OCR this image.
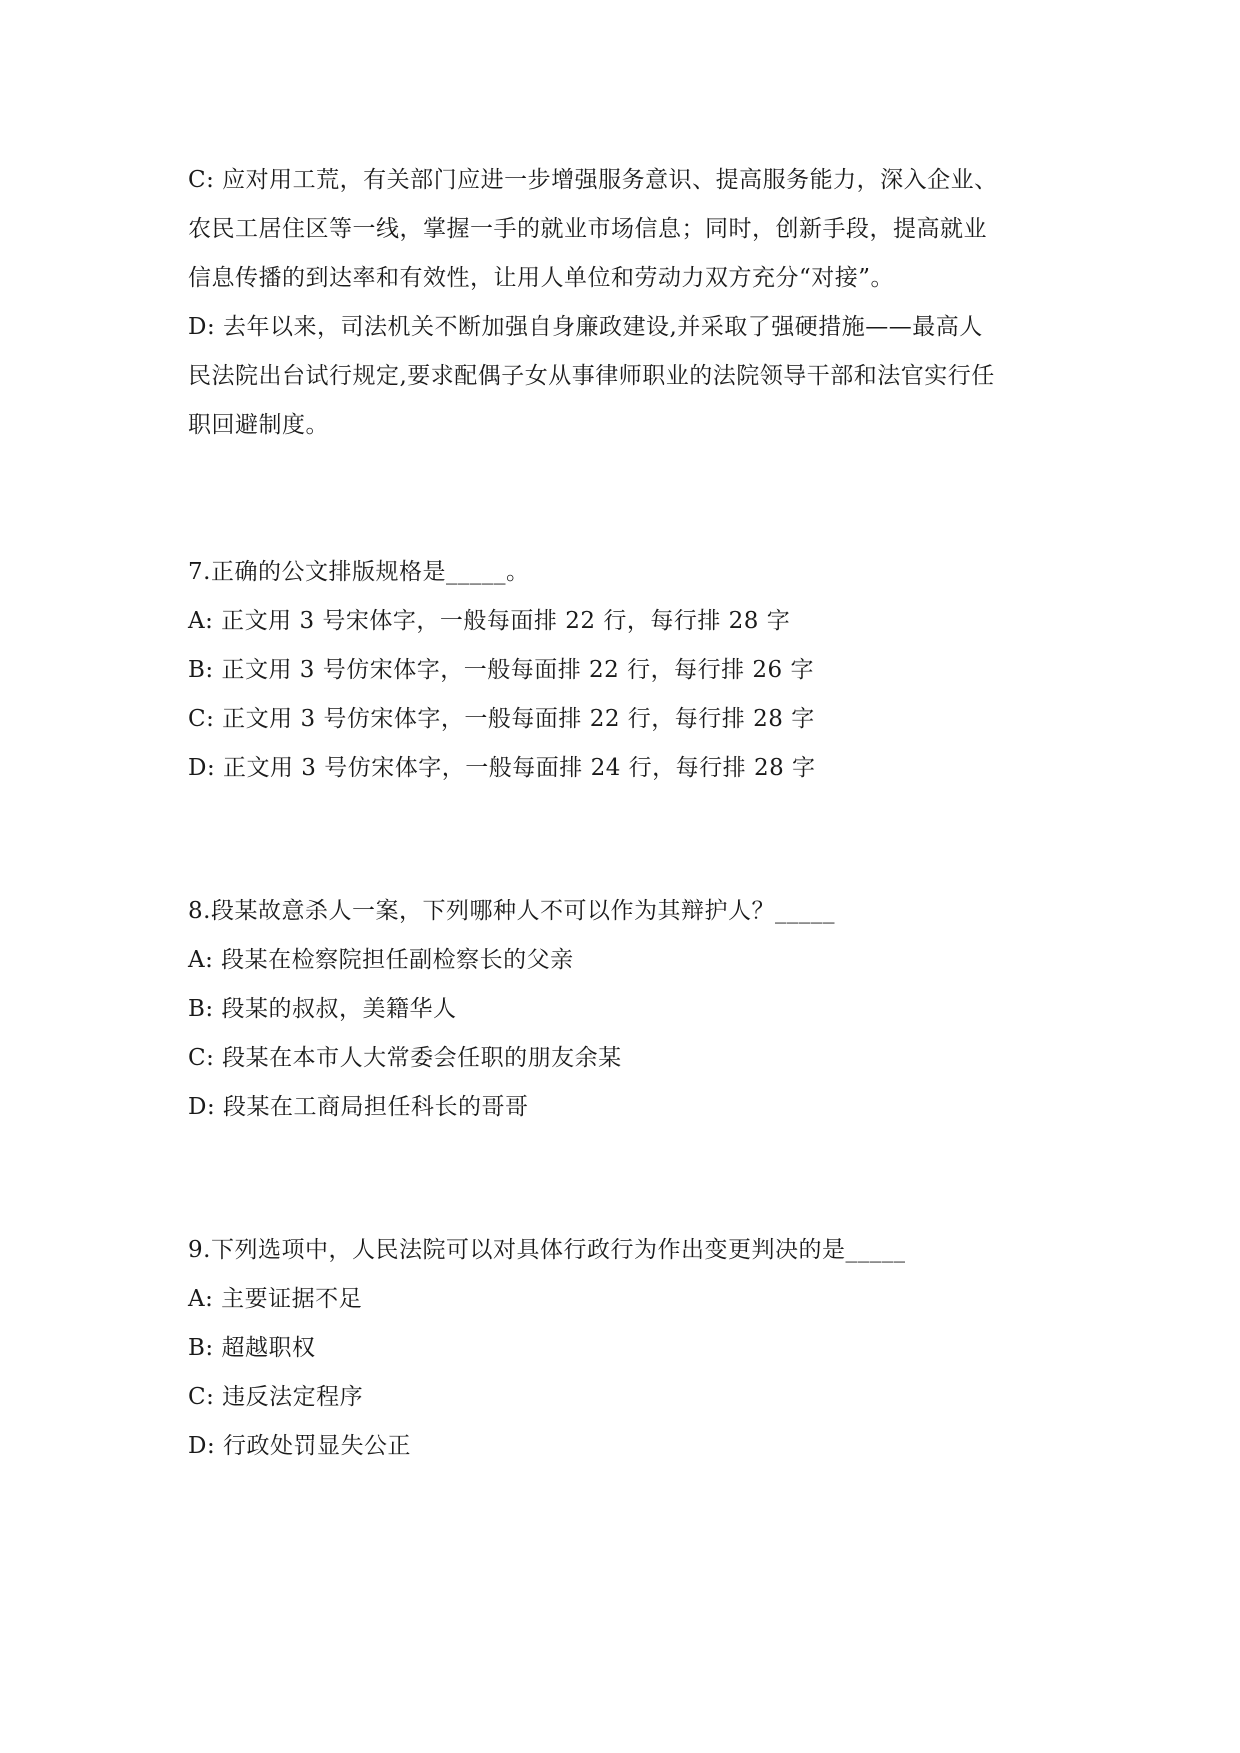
C: 应对用工荒，有关部门应进一步增强服务意识、提高服务能力，深入企业、
农民工居住区等一线，掌握一手的就业市场信息；同时，创新手段，提高就业
信息传播的到达率和有效性，让用人单位和劳动力双方充分“对接”。
D: 去年以来，司法机关不断加强自身廉政建设,并采取了强硬措施——最高人
民法院出台试行规定,要求配偶子女从事律师职业的法院领导干部和法官实行任
职回避制度。
7.正确的公文排版规格是_____。
A: 正文用 3 号宋体字，一般每面排 22 行，每行排 28 字
B: 正文用 3 号仿宋体字，一般每面排 22 行，每行排 26 字
C: 正文用 3 号仿宋体字，一般每面排 22 行，每行排 28 字
D: 正文用 3 号仿宋体字，一般每面排 24 行，每行排 28 字
8.段某故意杀人一案，下列哪种人不可以作为其辩护人？_____
A: 段某在检察院担任副检察长的父亲
B: 段某的叔叔，美籍华人
C: 段某在本市人大常委会任职的朋友余某
D: 段某在工商局担任科长的哥哥
9.下列选项中，人民法院可以对具体行政行为作出变更判决的是_____
A: 主要证据不足
B: 超越职权
C: 违反法定程序
D: 行政处罚显失公正
